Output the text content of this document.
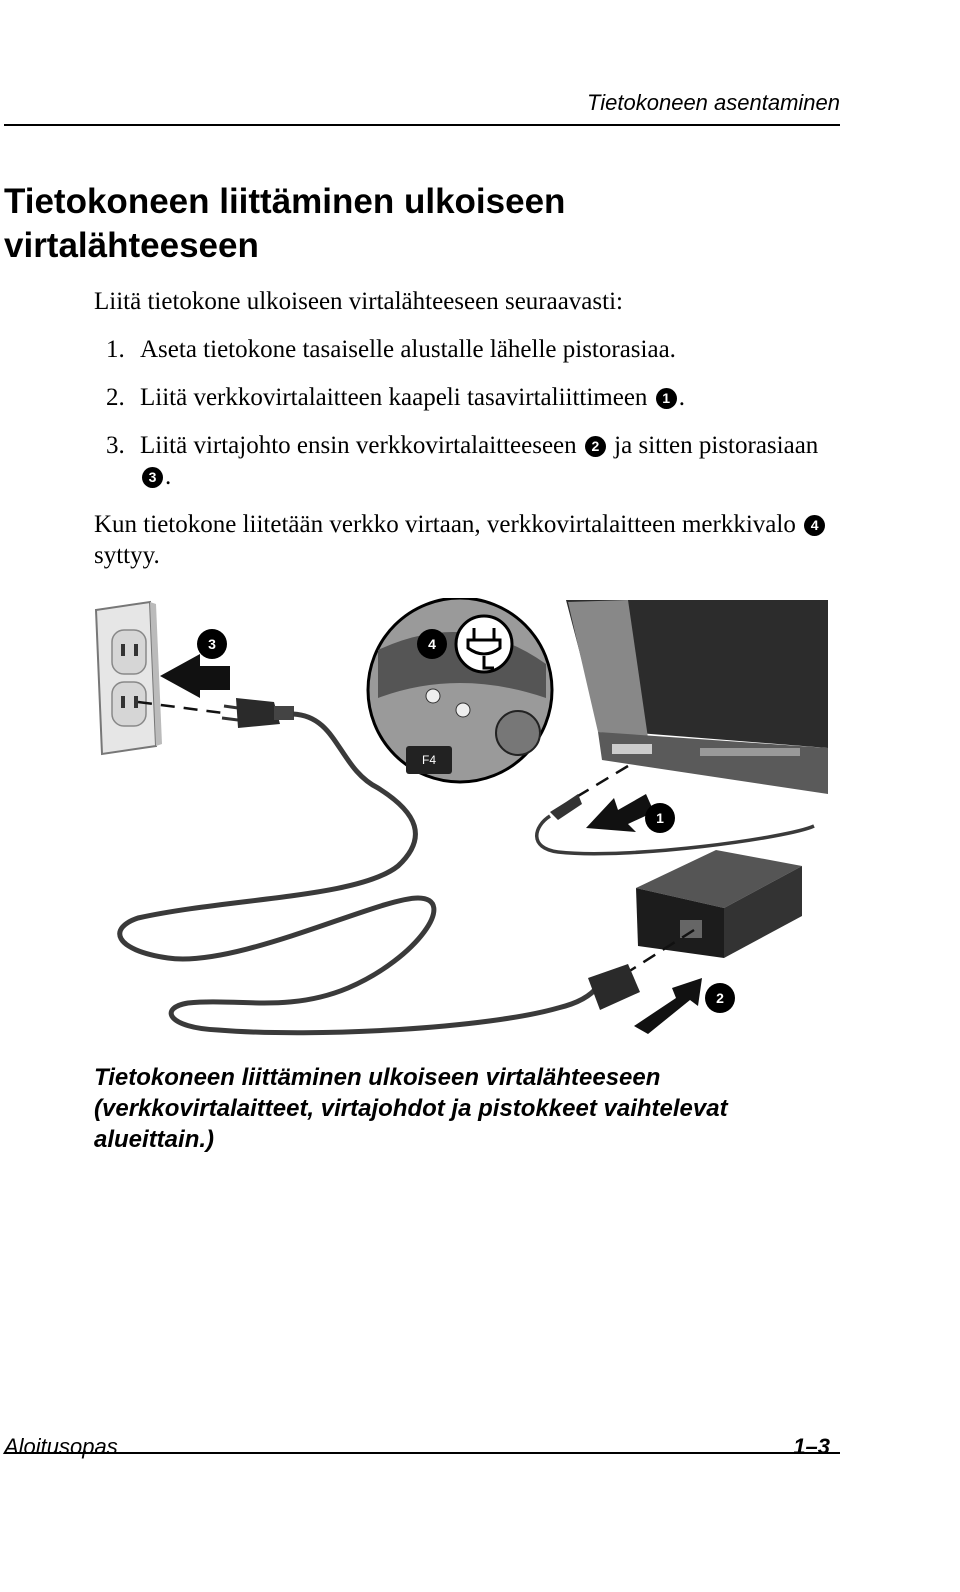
Tietokoneen asentaminen
Tietokoneen liittäminen ulkoiseen
virtalähteeseen

Liitä tietokone ulkoiseen virtalähteeseen seuraavasti:

1. Aseta tietokone tasaiselle alustalle lähelle pistorasiaa.
2. Liitä verkkovirtalaitteen kaapeli tasavirtaliittimeen 1 .
3. Liitä virtajohto ensin verkkovirtalaitteeseen 2 ja sitten pistorasiaan 3 .

Kun tietokone liitetään verkko virtaan, verkkovirtalaitteen merkkivalo 4 syttyy.

3
F4
4
1
2

Tietokoneen liittäminen ulkoiseen virtalähteeseen
(verkkovirtalaitteet, virtajohdot ja pistokkeet vaihtelevat
alueittain.)

Aloitusopas	1–3
